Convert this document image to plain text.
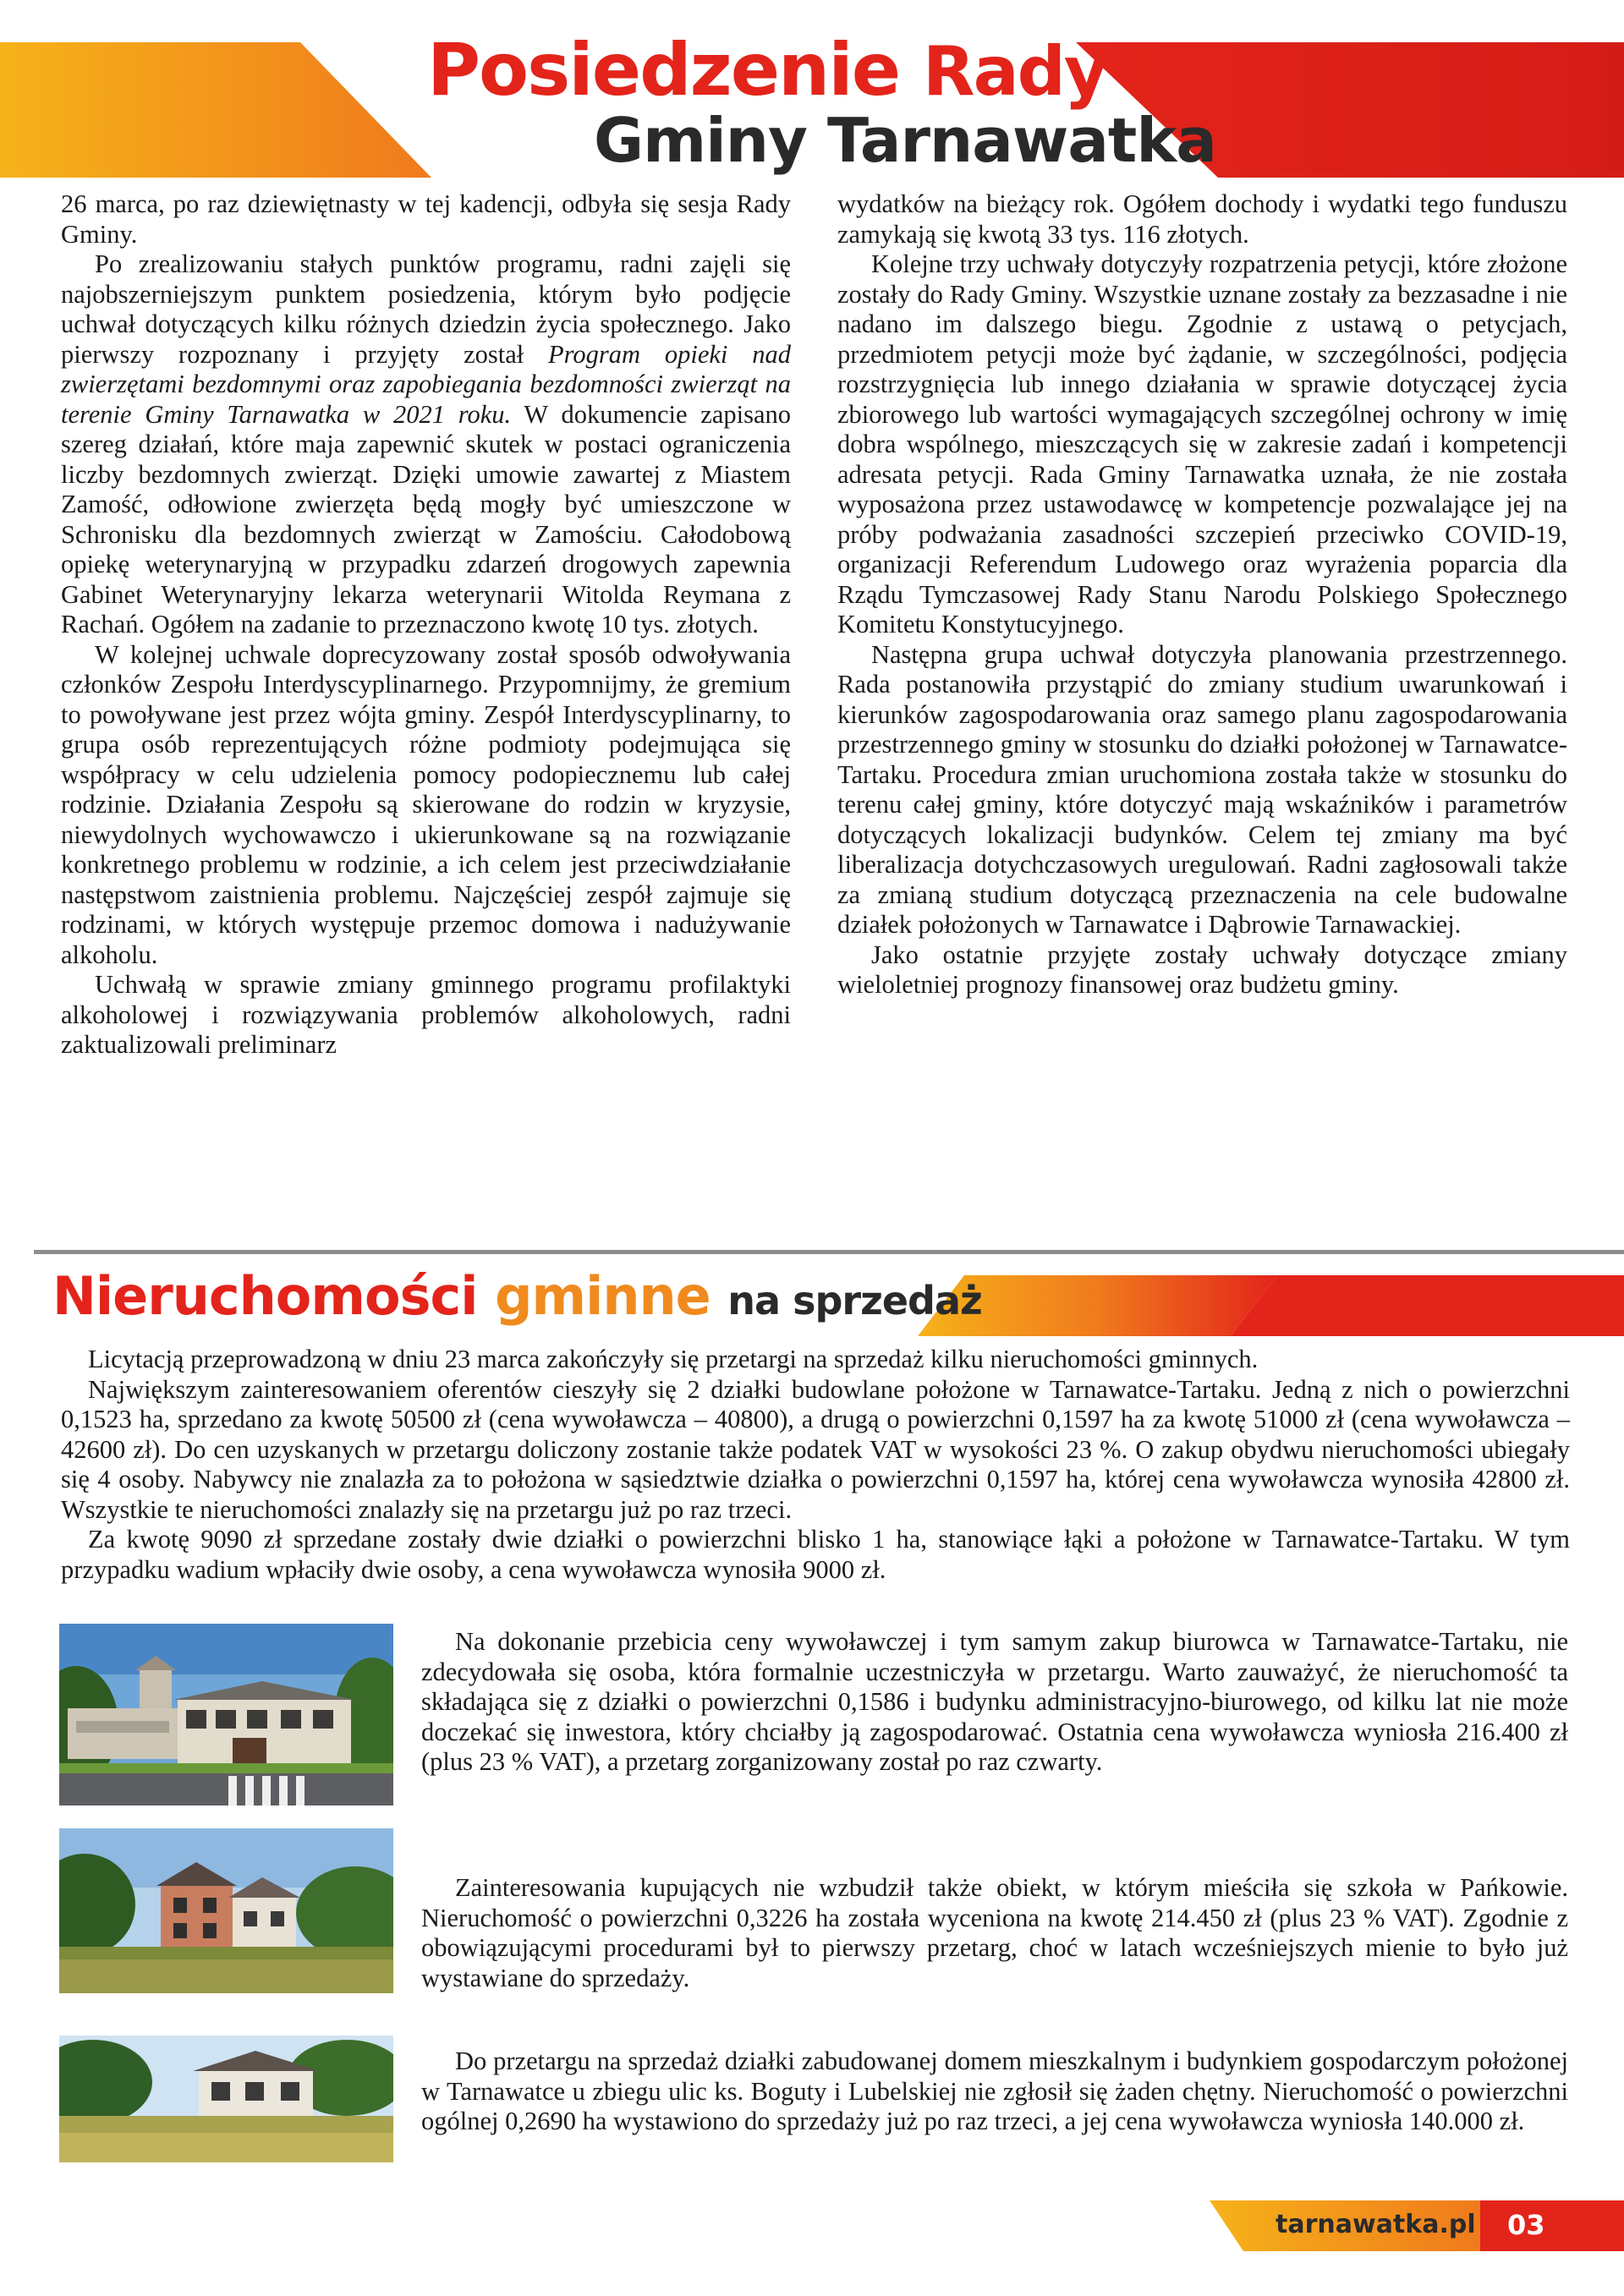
Posiedzenie Rady
Gminy Tarnawatka

26 marca, po raz dziewiętnasty w tej kadencji, odbyła się sesja Rady Gminy.

Po zrealizowaniu stałych punktów programu, radni zajęli się najobszerniejszym punktem posiedzenia, którym było podjęcie uchwał dotyczących kilku różnych dziedzin życia społecznego. Jako pierwszy rozpoznany i przyjęty został Program opieki nad zwierzętami bezdomnymi oraz zapobiegania bezdomności zwierząt na terenie Gminy Tarnawatka w 2021 roku. W dokumencie zapisano szereg działań, które maja zapewnić skutek w postaci ograniczenia liczby bezdomnych zwierząt. Dzięki umowie zawartej z Miastem Zamość, odłowione zwierzęta będą mogły być umieszczone w Schronisku dla bezdomnych zwierząt w Zamościu. Całodobową opiekę weterynaryjną w przypadku zdarzeń drogowych zapewnia Gabinet Weterynaryjny lekarza weterynarii Witolda Reymana z Rachań. Ogółem na zadanie to przeznaczono kwotę 10 tys. złotych.

W kolejnej uchwale doprecyzowany został sposób odwoływania członków Zespołu Interdyscyplinarnego. Przypomnijmy, że gremium to powoływane jest przez wójta gminy. Zespół Interdyscyplinarny, to grupa osób reprezentujących różne podmioty podejmująca się współpracy w celu udzielenia pomocy podopiecznemu lub całej rodzinie. Działania Zespołu są skierowane do rodzin w kryzysie, niewydolnych wychowawczo i ukierunkowane są na rozwiązanie konkretnego problemu w rodzinie, a ich celem jest przeciwdziałanie następstwom zaistnienia problemu. Najczęściej zespół zajmuje się rodzinami, w których występuje przemoc domowa i nadużywanie alkoholu.

Uchwałą w sprawie zmiany gminnego programu profilaktyki alkoholowej i rozwiązywania problemów alkoholowych, radni zaktualizowali preliminarz

wydatków na bieżący rok. Ogółem dochody i wydatki tego funduszu zamykają się kwotą 33 tys. 116 złotych.

Kolejne trzy uchwały dotyczyły rozpatrzenia petycji, które złożone zostały do Rady Gminy. Wszystkie uznane zostały za bezzasadne i nie nadano im dalszego biegu. Zgodnie z ustawą o petycjach, przedmiotem petycji może być żądanie, w szczególności, podjęcia rozstrzygnięcia lub innego działania w sprawie dotyczącej życia zbiorowego lub wartości wymagających szczególnej ochrony w imię dobra wspólnego, mieszczących się w zakresie zadań i kompetencji adresata petycji. Rada Gminy Tarnawatka uznała, że nie została wyposażona przez ustawodawcę w kompetencje pozwalające jej na próby podważania zasadności szczepień przeciwko COVID-19, organizacji Referendum Ludowego oraz wyrażenia poparcia dla Rządu Tymczasowej Rady Stanu Narodu Polskiego Społecznego Komitetu Konstytucyjnego.

Następna grupa uchwał dotyczyła planowania przestrzennego. Rada postanowiła przystąpić do zmiany studium uwarunkowań i kierunków zagospodarowania oraz samego planu zagospodarowania przestrzennego gminy w stosunku do działki położonej w Tarnawatce-Tartaku. Procedura zmian uruchomiona została także w stosunku do terenu całej gminy, które dotyczyć mają wskaźników i parametrów dotyczących lokalizacji budynków. Celem tej zmiany ma być liberalizacja dotychczasowych uregulowań. Radni zagłosowali także za zmianą studium dotyczącą przeznaczenia na cele budowalne działek położonych w Tarnawatce i Dąbrowie Tarnawackiej.

Jako ostatnie przyjęte zostały uchwały dotyczące zmiany wieloletniej prognozy finansowej oraz budżetu gminy.

Nieruchomości gminne na sprzedaż

Licytacją przeprowadzoną w dniu 23 marca zakończyły się przetargi na sprzedaż kilku nieruchomości gminnych.

Największym zainteresowaniem oferentów cieszyły się 2 działki budowlane położone w Tarnawatce-Tartaku. Jedną z nich o powierzchni 0,1523 ha, sprzedano za kwotę 50500 zł (cena wywoławcza – 40800), a drugą o powierzchni 0,1597 ha za kwotę 51000 zł (cena wywoławcza – 42600 zł). Do cen uzyskanych w przetargu doliczony zostanie także podatek VAT w wysokości 23 %. O zakup obydwu nieruchomości ubiegały się 4 osoby. Nabywcy nie znalazła za to położona w sąsiedztwie działka o powierzchni 0,1597 ha, której cena wywoławcza wynosiła 42800 zł. Wszystkie te nieruchomości znalazły się na przetargu już po raz trzeci.

Za kwotę 9090 zł sprzedane zostały dwie działki o powierzchni blisko 1 ha, stanowiące łąki a położone w Tarnawatce-Tartaku. W tym przypadku wadium wpłaciły dwie osoby, a cena wywoławcza wynosiła 9000 zł.

Na dokonanie przebicia ceny wywoławczej i tym samym zakup biurowca w Tarnawatce-Tartaku, nie zdecydowała się osoba, która formalnie uczestniczyła w przetargu. Warto zauważyć, że nieruchomość ta składająca się z działki o powierzchni 0,1586 i budynku administracyjno-biurowego, od kilku lat nie może doczekać się inwestora, który chciałby ją zagospodarować. Ostatnia cena wywoławcza wyniosła 216.400 zł (plus 23 % VAT), a przetarg zorganizowany został po raz czwarty.

Zainteresowania kupujących nie wzbudził także obiekt, w którym mieściła się szkoła w Pańkowie. Nieruchomość o powierzchni 0,3226 ha została wyceniona na kwotę 214.450 zł (plus 23 % VAT). Zgodnie z obowiązującymi procedurami był to pierwszy przetarg, choć w latach wcześniejszych mienie to było już wystawiane do sprzedaży.

Do przetargu na sprzedaż działki zabudowanej domem mieszkalnym i budynkiem gospodarczym położonej w Tarnawatce u zbiegu ulic ks. Boguty i Lubelskiej nie zgłosił się żaden chętny. Nieruchomość o powierzchni ogólnej 0,2690 ha wystawiono do sprzedaży już po raz trzeci, a jej cena wywoławcza wyniosła 140.000 zł.

tarnawatka.pl 03
